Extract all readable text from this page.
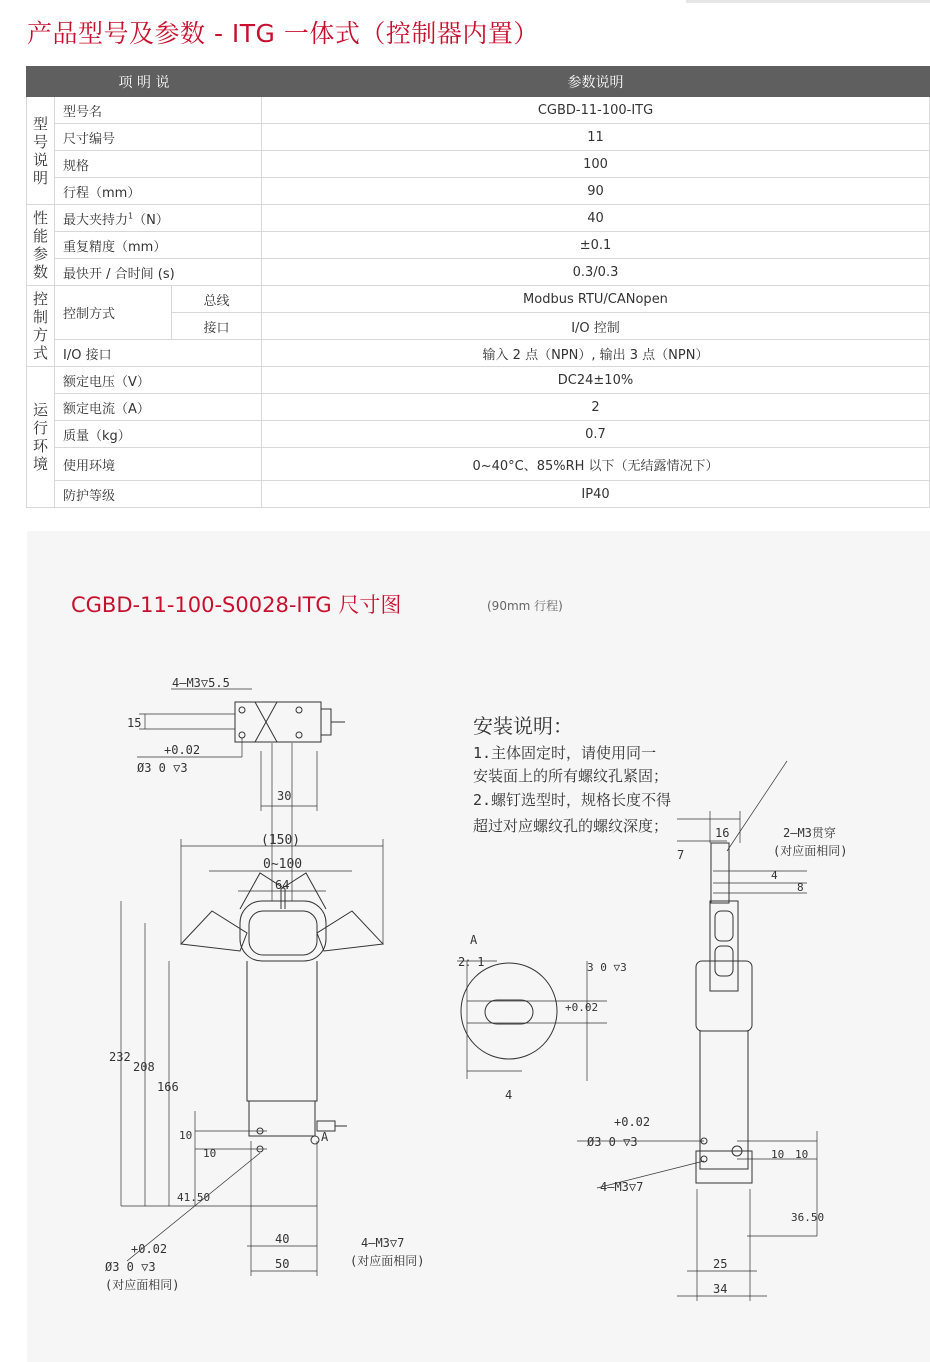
产品型号及参数 - ITG 一体式（控制器内置）
项 明 说			参数说明
型号说明	型号名		CGBD-11-100-ITG
	尺寸编号		11
	规格		100
	行程（mm）		90
性能参数	最大夹持力$^1$（N）		40
	重复精度（mm）		±0.1
	最快开 / 合时间 (s)		0.3/0.3
控制方式	控制方式	总线	Modbus RTU/CANopen
		接口	I/O 控制
	I/O 接口		输入 2 点（NPN）, 输出 3 点（NPN）
运行环境	额定电压（V）		DC24±10%
	额定电流（A）		2
	质量（kg）		0.7
	使用环境		0~40°C、85%RH 以下（无结露情况下）
	防护等级		IP40
CGBD-11-100-S0028-ITG 尺寸图	(90mm 行程)
4—M3▽5.5
15
+0.02
Ø3 0 ▽3
30
(150)
0~100
64
232
208
166
10
10
41.50
40
50
+0.02
Ø3 0 ▽3
(对应面相同)
4—M3▽7
(对应面相同)
A
A
2：1
+0.02
3 0 ▽3
4
16
7
2—M3贯穿
(对应面相同)
4
8
+0.02
Ø3 0 ▽3
4—M3▽7
10 10
36.50
25
34
安装说明：
1.主体固定时，请使用同一
安装面上的所有螺纹孔紧固；
2.螺钉选型时，规格长度不得
超过对应螺纹孔的螺纹深度；
